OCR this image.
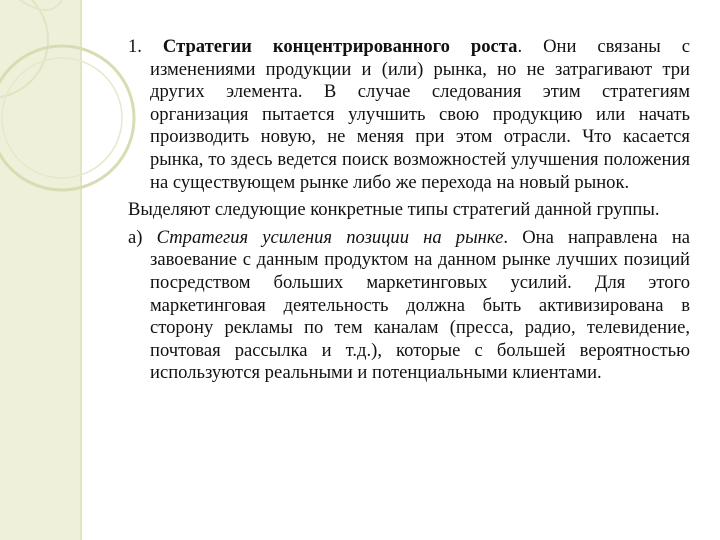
1. Стратегии концентрированного роста. Они связаны с изменениями продукции и (или) рынка, но не затрагивают три других элемента. В случае следования этим стратегиям организация пытается улучшить свою продукцию или начать производить новую, не меняя при этом отрасли. Что касается рынка, то здесь ведется поиск возможностей улучшения положения на существующем рынке либо же перехода на новый рынок.

Выделяют следующие конкретные типы стратегий данной группы.

а) Стратегия усиления позиции на рынке. Она направлена на завоевание с данным продуктом на данном рынке лучших позиций посредством больших маркетинговых усилий. Для этого маркетинговая деятельность должна быть активизирована в сторону рекламы по тем каналам (пресса, радио, телевидение, почтовая рассылка и т.д.), которые с большей вероятностью используются реальными и потенциальными клиентами.
